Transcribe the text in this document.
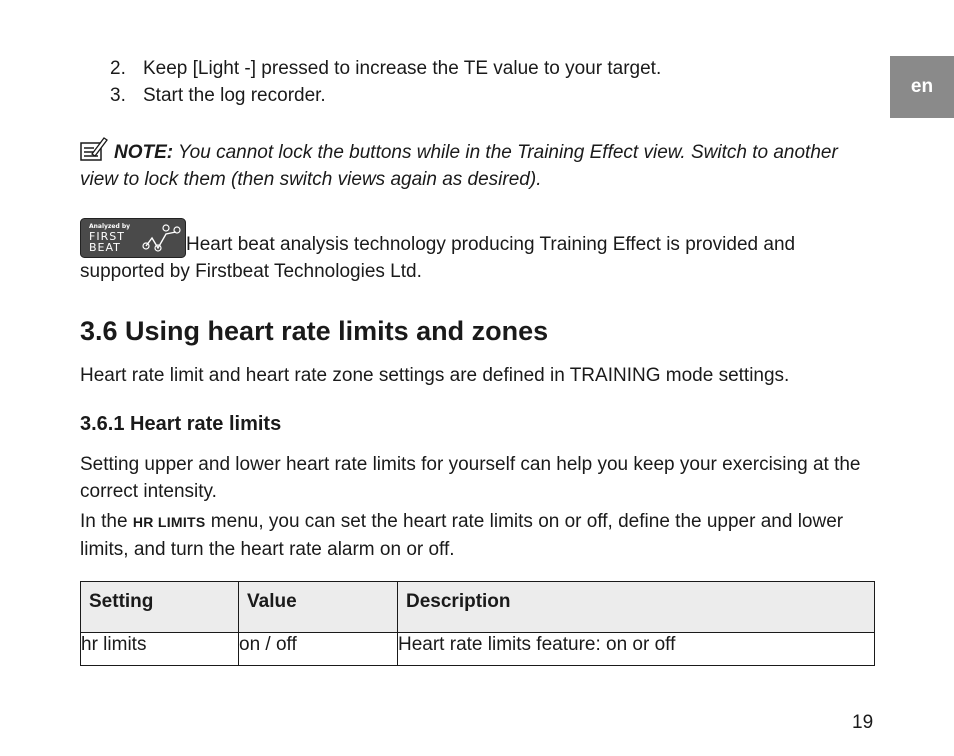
en
2. Keep [Light -] pressed to increase the TE value to your target.
3. Start the log recorder.
NOTE: You cannot lock the buttons while in the Training Effect view. Switch to another view to lock them (then switch views again as desired).
Analyzed by
FIRST
BEAT	Heart beat analysis technology producing Training Effect is provided and supported by Firstbeat Technologies Ltd.
3.6 Using heart rate limits and zones

Heart rate limit and heart rate zone settings are defined in TRAINING mode settings.

3.6.1 Heart rate limits

Setting upper and lower heart rate limits for yourself can help you keep your exercising at the correct intensity.

In the HR LIMITS menu, you can set the heart rate limits on or off, define the upper and lower limits, and turn the heart rate alarm on or off.

Setting	Value	Description
hr limits	on / off	Heart rate limits feature: on or off
19
